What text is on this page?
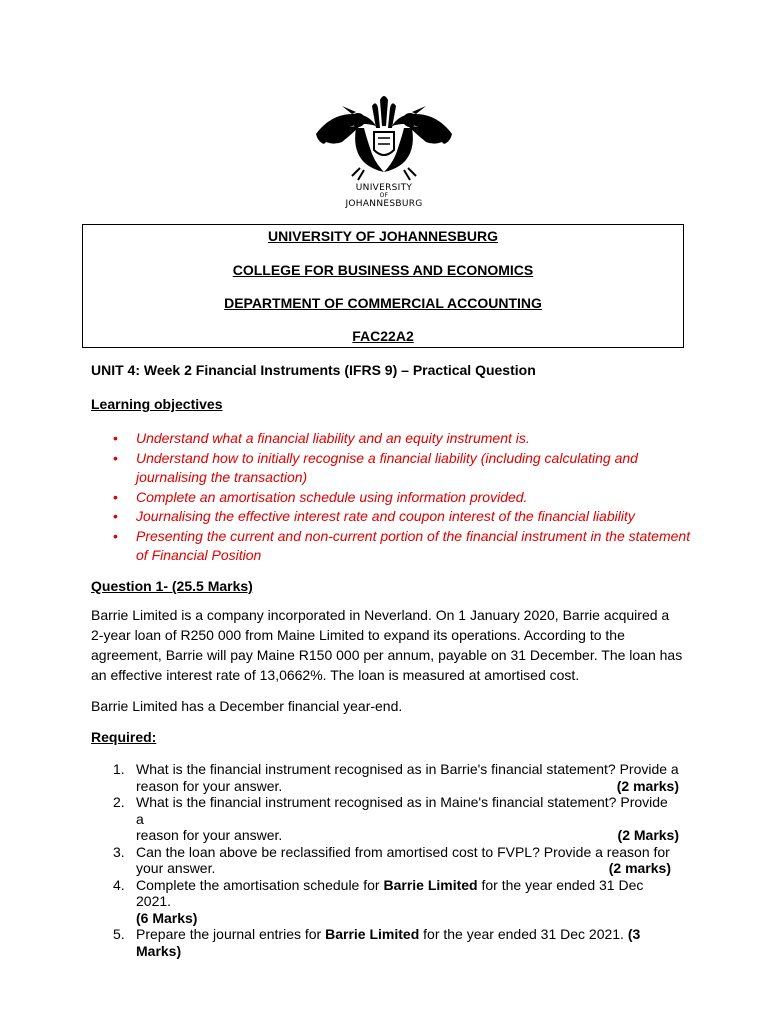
UNIVERSITY
OF
JOHANNESBURG
UNIVERSITY OF JOHANNESBURG
COLLEGE FOR BUSINESS AND ECONOMICS
DEPARTMENT OF COMMERCIAL ACCOUNTING
FAC22A2
UNIT 4: Week 2 Financial Instruments (IFRS 9) – Practical Question
Learning objectives
• Understand what a financial liability and an equity instrument is.
• Understand how to initially recognise a financial liability (including calculating and journalising the transaction)
• Complete an amortisation schedule using information provided.
• Journalising the effective interest rate and coupon interest of the financial liability
• Presenting the current and non-current portion of the financial instrument in the statement of Financial Position
Question 1- (25.5 Marks)

Barrie Limited is a company incorporated in Neverland. On 1 January 2020, Barrie acquired a 2-year loan of R250 000 from Maine Limited to expand its operations. According to the agreement, Barrie will pay Maine R150 000 per annum, payable on 31 December. The loan has an effective interest rate of 13,0662%. The loan is measured at amortised cost.

Barrie Limited has a December financial year-end.

Required:
1. What is the financial instrument recognised as in Barrie's financial statement? Provide a
reason for your answer.	(2 marks)
2. What is the financial instrument recognised as in Maine's financial statement? Provide a
reason for your answer.	(2 Marks)
3. Can the loan above be reclassified from amortised cost to FVPL? Provide a reason for
your answer.	(2 marks)
4. Complete the amortisation schedule for Barrie Limited for the year ended 31 Dec 2021.
(6 Marks)
5. Prepare the journal entries for Barrie Limited for the year ended 31 Dec 2021. (3 Marks)
